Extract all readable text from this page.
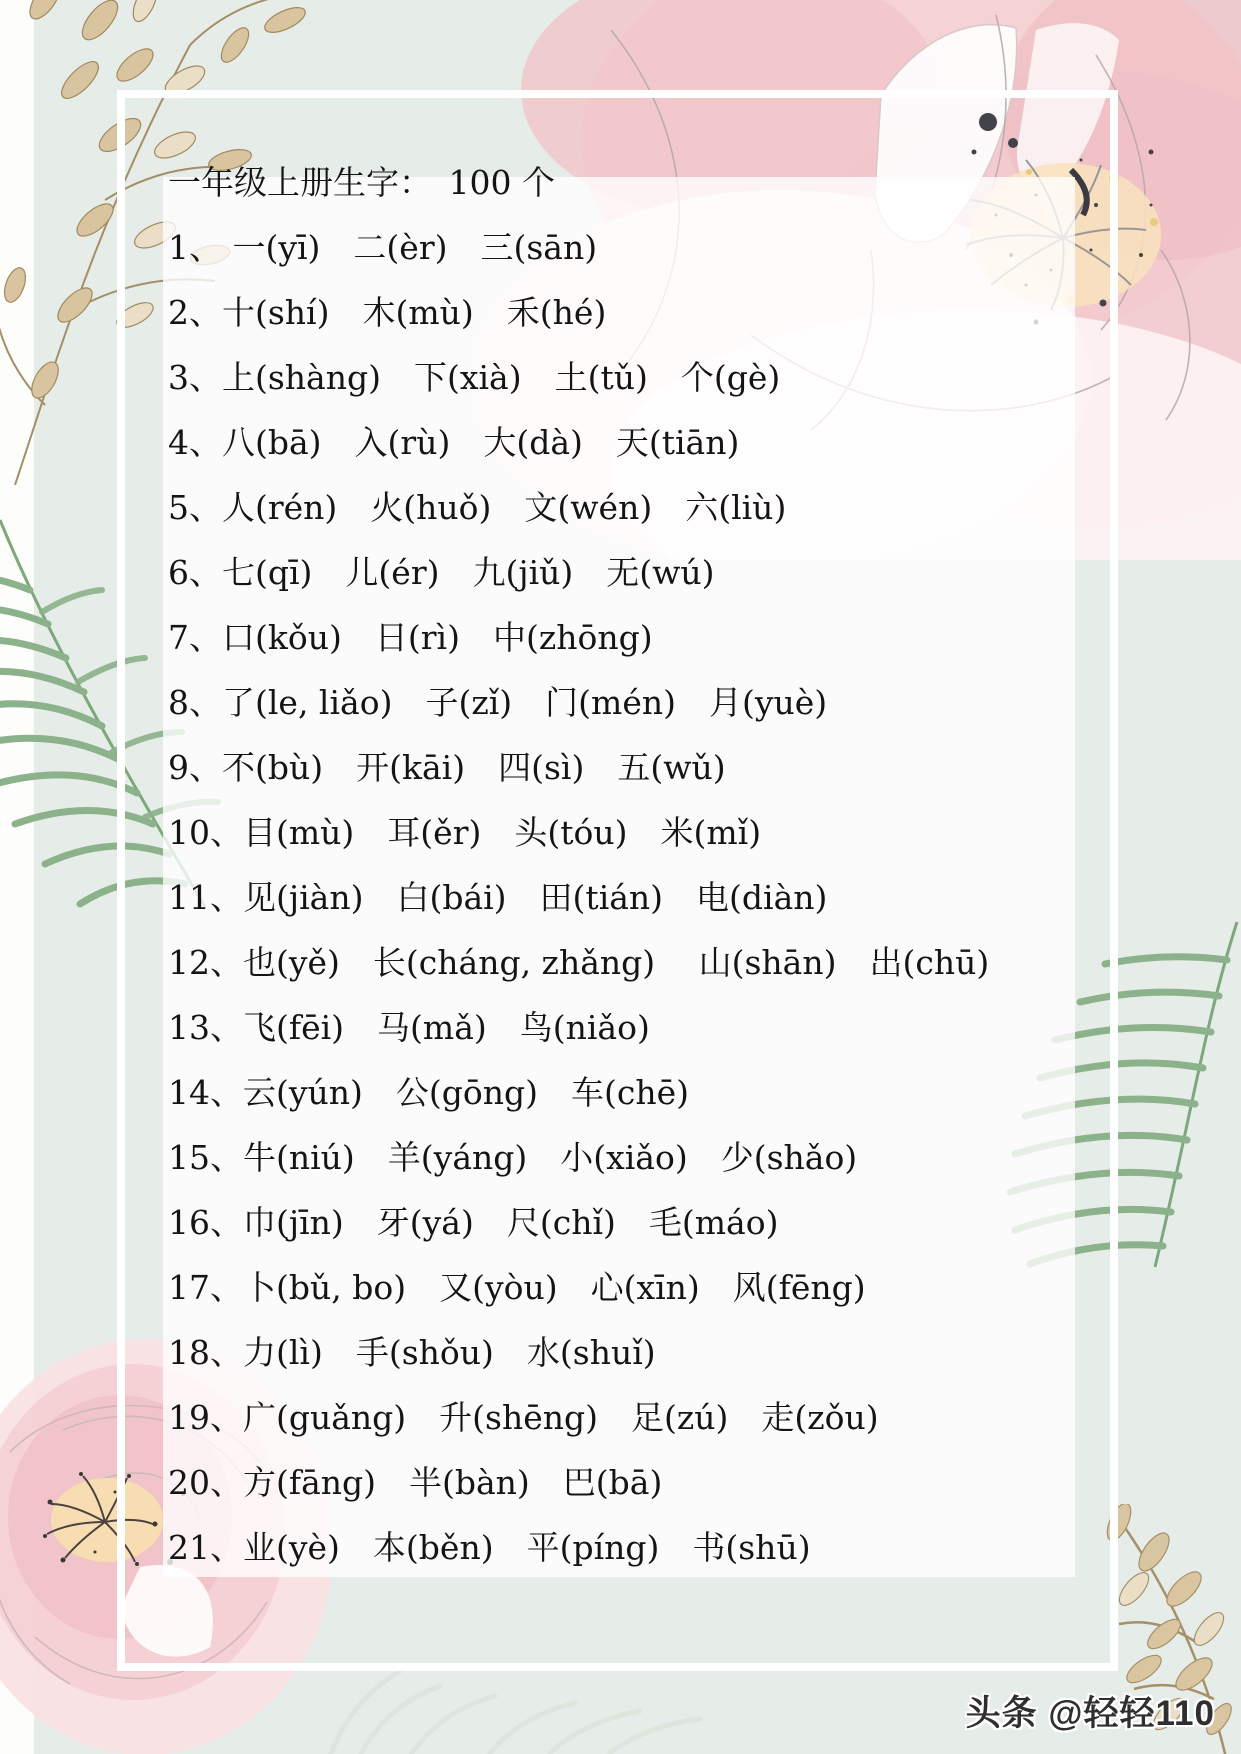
一年级上册生字：　100 个
1、 一(yī)　二(èr)　三(sān)
2、十(shí)　木(mù)　禾(hé)
3、上(shàng)　下(xià)　土(tǔ)　个(gè)
4、八(bā)　入(rù)　大(dà)　天(tiān)
5、人(rén)　火(huǒ)　文(wén)　六(liù)
6、七(qī)　儿(ér)　九(jiǔ)　无(wú)
7、口(kǒu)　日(rì)　中(zhōng)
8、了(le, liǎo)　子(zǐ)　门(mén)　月(yuè)
9、不(bù)　开(kāi)　四(sì)　五(wǔ)
10、目(mù)　耳(ěr)　头(tóu)　米(mǐ)
11、见(jiàn)　白(bái)　田(tián)　电(diàn)
12、也(yě)　长(cháng, zhǎng)　 山(shān)　出(chū)
13、飞(fēi)　马(mǎ)　鸟(niǎo)
14、云(yún)　公(gōng)　车(chē)
15、牛(niú)　羊(yáng)　小(xiǎo)　少(shǎo)
16、巾(jīn)　牙(yá)　尺(chǐ)　毛(máo)
17、卜(bǔ, bo)　又(yòu)　心(xīn)　风(fēng)
18、力(lì)　手(shǒu)　水(shuǐ)
19、广(guǎng)　升(shēng)　足(zú)　走(zǒu)
20、方(fāng)　半(bàn)　巴(bā)
21、业(yè)　本(běn)　平(píng)　书(shū)
头条 @轻轻110
